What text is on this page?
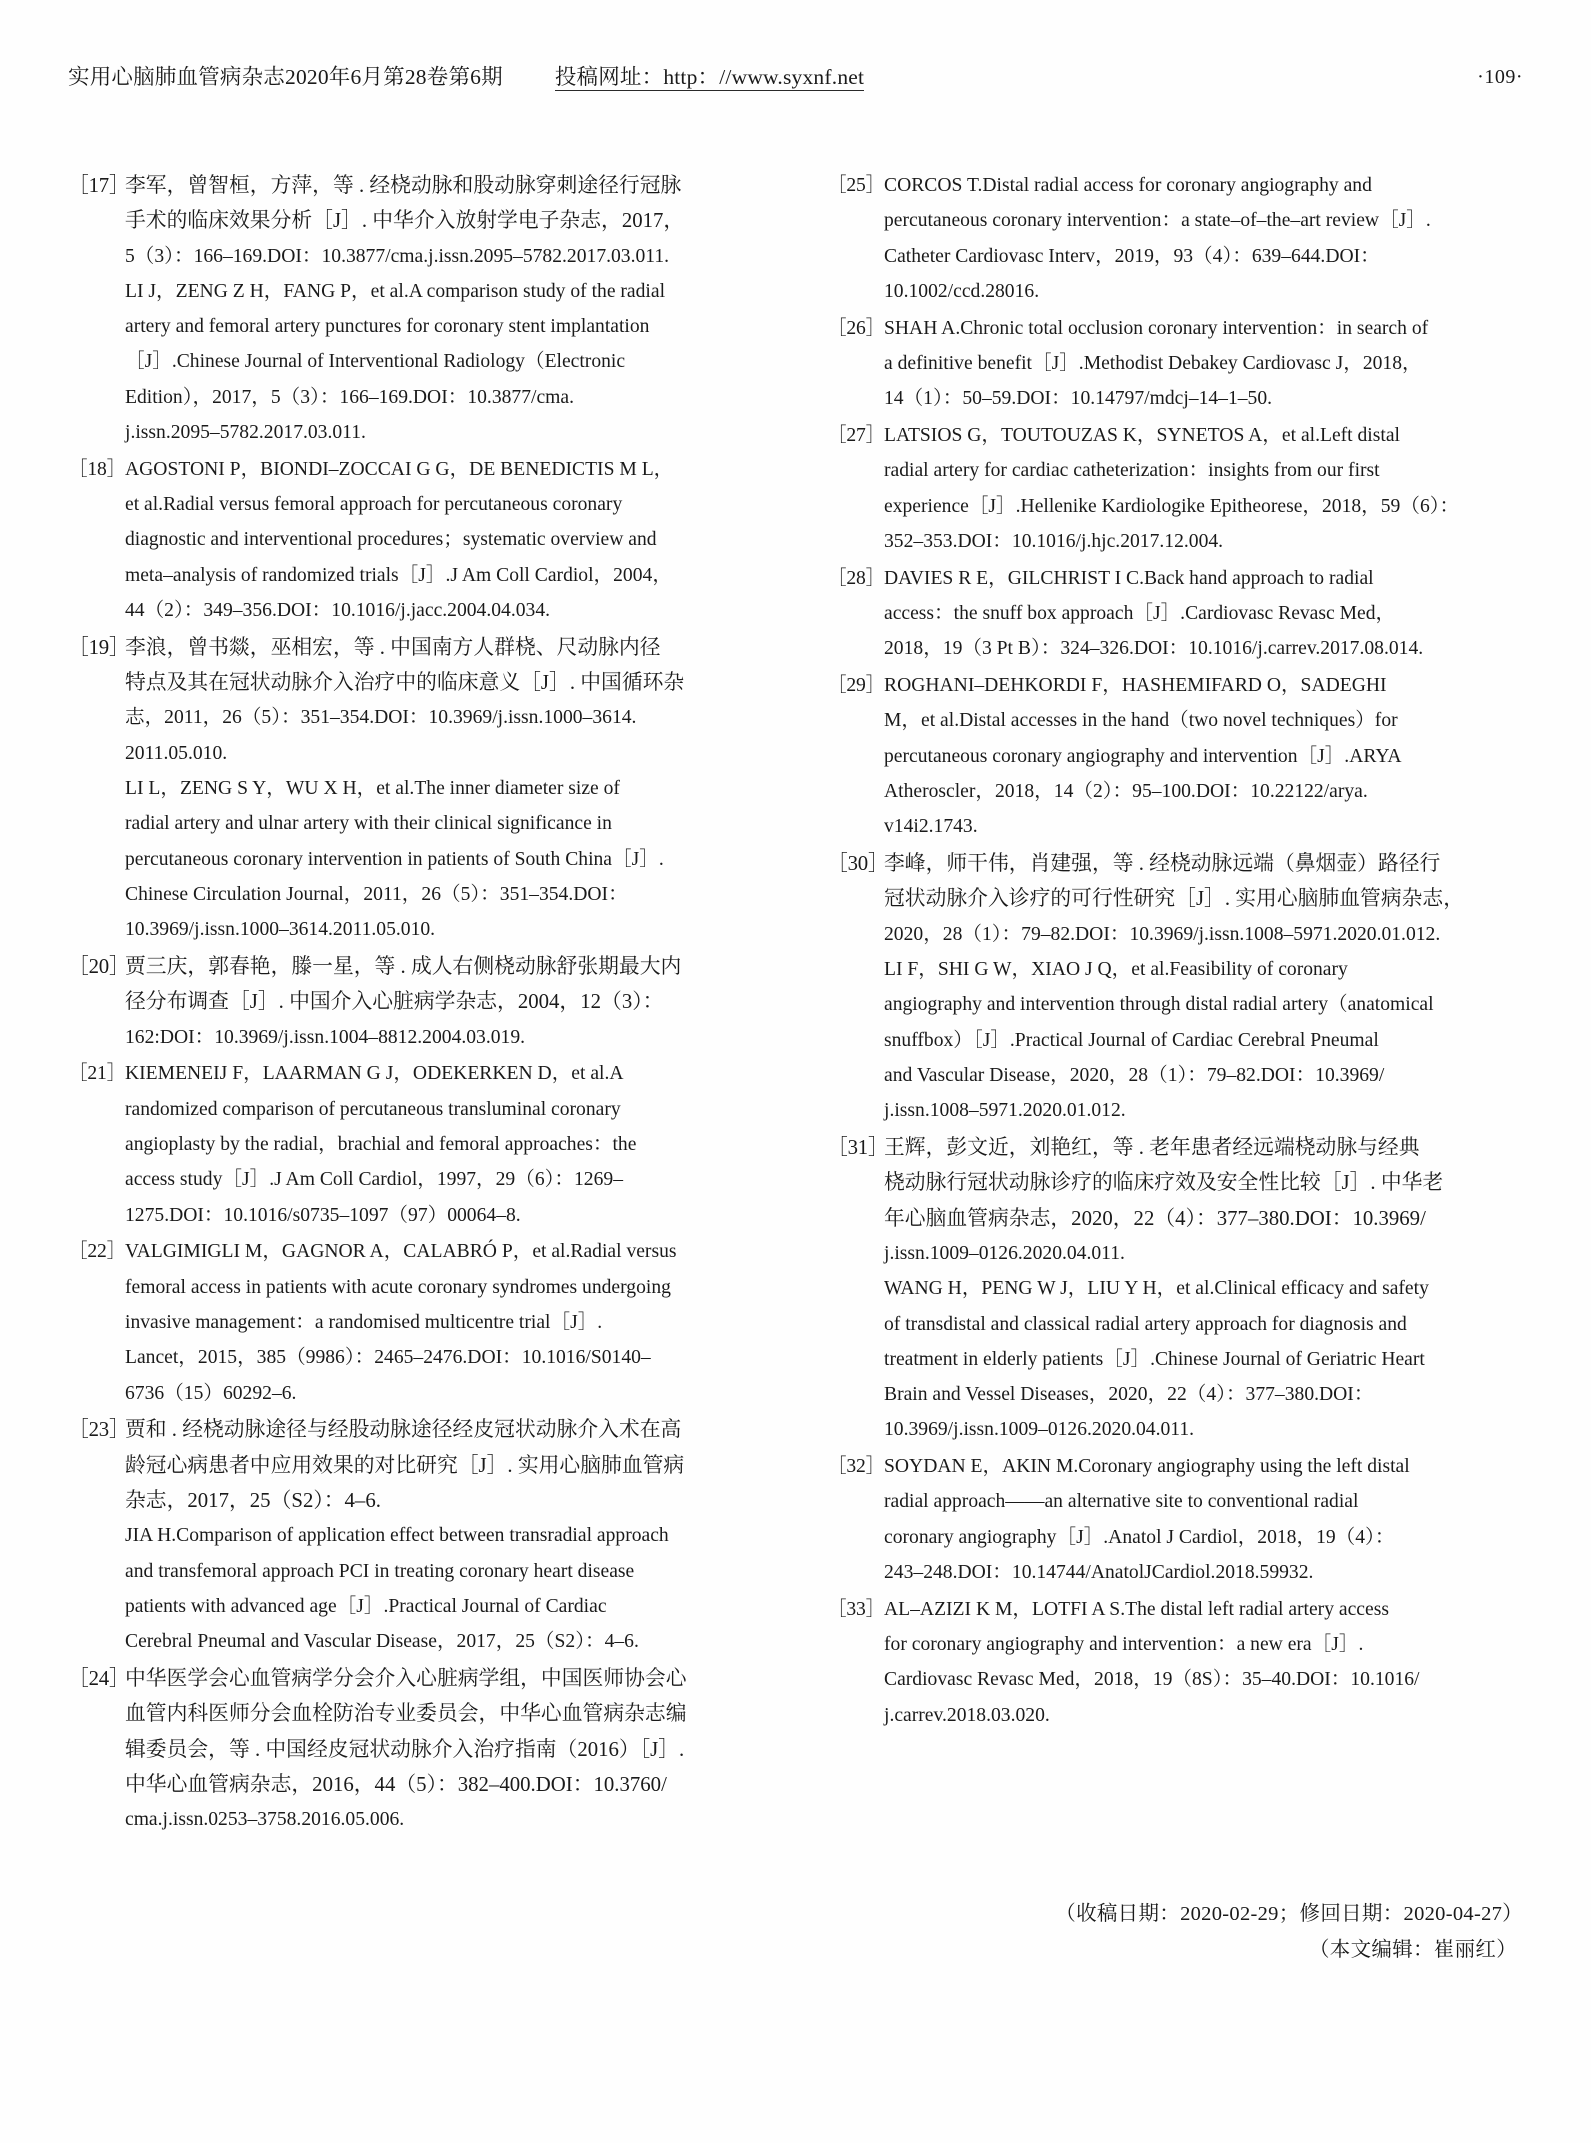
实用心脑肺血管病杂志2020年6月第28卷第6期 投稿网址：http：//www.syxnf.net	·109·
［17］李军，曾智桓，方萍，等 . 经桡动脉和股动脉穿刺途径行冠脉
手术的临床效果分析［J］. 中华介入放射学电子杂志，2017，
5（3）：166–169.DOI：10.3877/cma.j.issn.2095–5782.2017.03.011.
LI J，ZENG Z H，FANG P，et al.A comparison study of the radial
artery and femoral artery punctures for coronary stent implantation
［J］.Chinese Journal of Interventional Radiology（Electronic
Edition），2017，5（3）：166–169.DOI：10.3877/cma.
j.issn.2095–5782.2017.03.011.
［18］AGOSTONI P，BIONDI–ZOCCAI G G，DE BENEDICTIS M L，
et al.Radial versus femoral approach for percutaneous coronary
diagnostic and interventional procedures；systematic overview and
meta–analysis of randomized trials［J］.J Am Coll Cardiol，2004，
44（2）：349–356.DOI：10.1016/j.jacc.2004.04.034.
［19］李浪，曾书燚，巫相宏，等 . 中国南方人群桡、尺动脉内径
特点及其在冠状动脉介入治疗中的临床意义［J］. 中国循环杂
志，2011，26（5）：351–354.DOI：10.3969/j.issn.1000–3614.
2011.05.010.
LI L，ZENG S Y，WU X H，et al.The inner diameter size of
radial artery and ulnar artery with their clinical significance in
percutaneous coronary intervention in patients of South China［J］.
Chinese Circulation Journal，2011，26（5）：351–354.DOI：
10.3969/j.issn.1000–3614.2011.05.010.
［20］贾三庆，郭春艳，滕一星，等 . 成人右侧桡动脉舒张期最大内
径分布调查［J］. 中国介入心脏病学杂志，2004，12（3）：
162:DOI：10.3969/j.issn.1004–8812.2004.03.019.
［21］KIEMENEIJ F，LAARMAN G J，ODEKERKEN D，et al.A
randomized comparison of percutaneous transluminal coronary
angioplasty by the radial，brachial and femoral approaches：the
access study［J］.J Am Coll Cardiol，1997，29（6）：1269–
1275.DOI：10.1016/s0735–1097（97）00064–8.
［22］VALGIMIGLI M，GAGNOR A，CALABRÓ P，et al.Radial versus
femoral access in patients with acute coronary syndromes undergoing
invasive management：a randomised multicentre trial［J］.
Lancet，2015，385（9986）：2465–2476.DOI：10.1016/S0140–
6736（15）60292–6.
［23］贾和 . 经桡动脉途径与经股动脉途径经皮冠状动脉介入术在高
龄冠心病患者中应用效果的对比研究［J］. 实用心脑肺血管病
杂志，2017，25（S2）：4–6.
JIA H.Comparison of application effect between transradial approach
and transfemoral approach PCI in treating coronary heart disease
patients with advanced age［J］.Practical Journal of Cardiac
Cerebral Pneumal and Vascular Disease，2017，25（S2）：4–6.
［24］中华医学会心血管病学分会介入心脏病学组，中国医师协会心
血管内科医师分会血栓防治专业委员会，中华心血管病杂志编
辑委员会，等 . 中国经皮冠状动脉介入治疗指南（2016）［J］.
中华心血管病杂志，2016，44（5）：382–400.DOI：10.3760/
cma.j.issn.0253–3758.2016.05.006.
［25］CORCOS T.Distal radial access for coronary angiography and
percutaneous coronary intervention：a state–of–the–art review［J］.
Catheter Cardiovasc Interv，2019，93（4）：639–644.DOI：
10.1002/ccd.28016.
［26］SHAH A.Chronic total occlusion coronary intervention：in search of
a definitive benefit［J］.Methodist Debakey Cardiovasc J，2018，
14（1）：50–59.DOI：10.14797/mdcj–14–1–50.
［27］LATSIOS G，TOUTOUZAS K，SYNETOS A，et al.Left distal
radial artery for cardiac catheterization：insights from our first
experience［J］.Hellenike Kardiologike Epitheorese，2018，59（6）：
352–353.DOI：10.1016/j.hjc.2017.12.004.
［28］DAVIES R E，GILCHRIST I C.Back hand approach to radial
access：the snuff box approach［J］.Cardiovasc Revasc Med，
2018，19（3 Pt B）：324–326.DOI：10.1016/j.carrev.2017.08.014.
［29］ROGHANI–DEHKORDI F，HASHEMIFARD O，SADEGHI
M，et al.Distal accesses in the hand（two novel techniques）for
percutaneous coronary angiography and intervention［J］.ARYA
Atheroscler，2018，14（2）：95–100.DOI：10.22122/arya.
v14i2.1743.
［30］李峰，师干伟，肖建强，等 . 经桡动脉远端（鼻烟壶）路径行
冠状动脉介入诊疗的可行性研究［J］. 实用心脑肺血管病杂志，
2020，28（1）：79–82.DOI：10.3969/j.issn.1008–5971.2020.01.012.
LI F，SHI G W，XIAO J Q，et al.Feasibility of coronary
angiography and intervention through distal radial artery（anatomical
snuffbox）［J］.Practical Journal of Cardiac Cerebral Pneumal
and Vascular Disease，2020，28（1）：79–82.DOI：10.3969/
j.issn.1008–5971.2020.01.012.
［31］王辉，彭文近，刘艳红，等 . 老年患者经远端桡动脉与经典
桡动脉行冠状动脉诊疗的临床疗效及安全性比较［J］. 中华老
年心脑血管病杂志，2020，22（4）：377–380.DOI：10.3969/
j.issn.1009–0126.2020.04.011.
WANG H，PENG W J，LIU Y H，et al.Clinical efficacy and safety
of transdistal and classical radial artery approach for diagnosis and
treatment in elderly patients［J］.Chinese Journal of Geriatric Heart
Brain and Vessel Diseases，2020，22（4）：377–380.DOI：
10.3969/j.issn.1009–0126.2020.04.011.
［32］SOYDAN E，AKIN M.Coronary angiography using the left distal
radial approach——an alternative site to conventional radial
coronary angiography［J］.Anatol J Cardiol，2018，19（4）：
243–248.DOI：10.14744/AnatolJCardiol.2018.59932.
［33］AL–AZIZI K M，LOTFI A S.The distal left radial artery access
for coronary angiography and intervention：a new era［J］.
Cardiovasc Revasc Med，2018，19（8S）：35–40.DOI：10.1016/
j.carrev.2018.03.020.
（收稿日期：2020-02-29；修回日期：2020-04-27）
（本文编辑：崔丽红）
